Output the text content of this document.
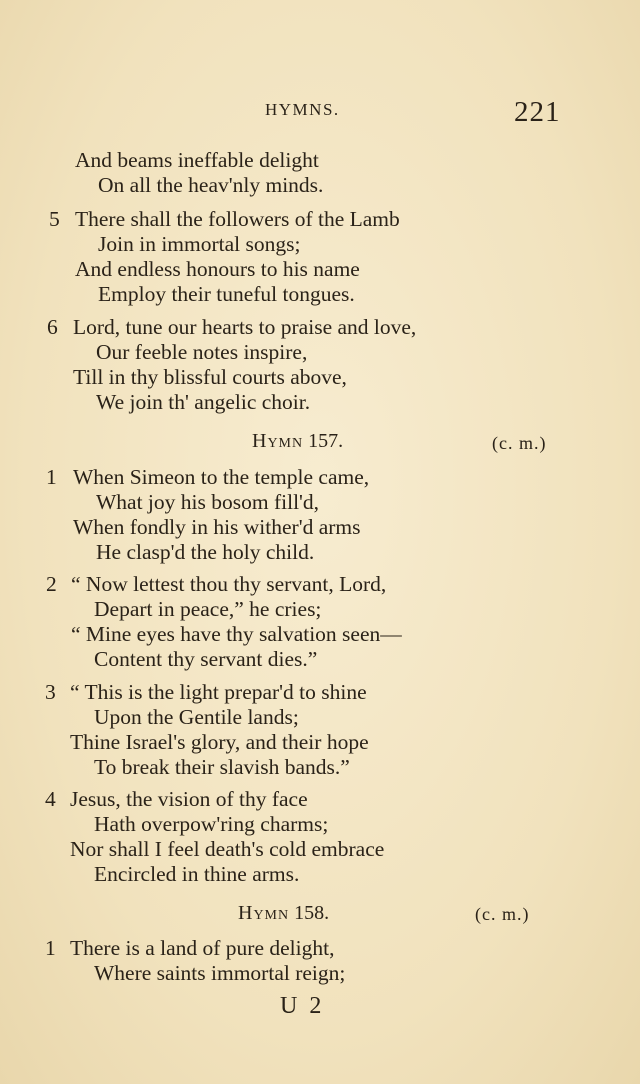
HYMNS.	221
And beams ineffable delight
On all the heav'nly minds.
5 There shall the followers of the Lamb
Join in immortal songs;
And endless honours to his name
Employ their tuneful tongues.
6 Lord, tune our hearts to praise and love,
Our feeble notes inspire,
Till in thy blissful courts above,
We join th' angelic choir.
Hymn 157.	(c. m.)
1 When Simeon to the temple came,
What joy his bosom fill'd,
When fondly in his wither'd arms
He clasp'd the holy child.
2 “ Now lettest thou thy servant, Lord,
Depart in peace,” he cries;
“ Mine eyes have thy salvation seen—
Content thy servant dies.”
3 “ This is the light prepar'd to shine
Upon the Gentile lands;
Thine Israel's glory, and their hope
To break their slavish bands.”
4 Jesus, the vision of thy face
Hath overpow'ring charms;
Nor shall I feel death's cold embrace
Encircled in thine arms.
Hymn 158.	(c. m.)
1 There is a land of pure delight,
Where saints immortal reign;
U 2
